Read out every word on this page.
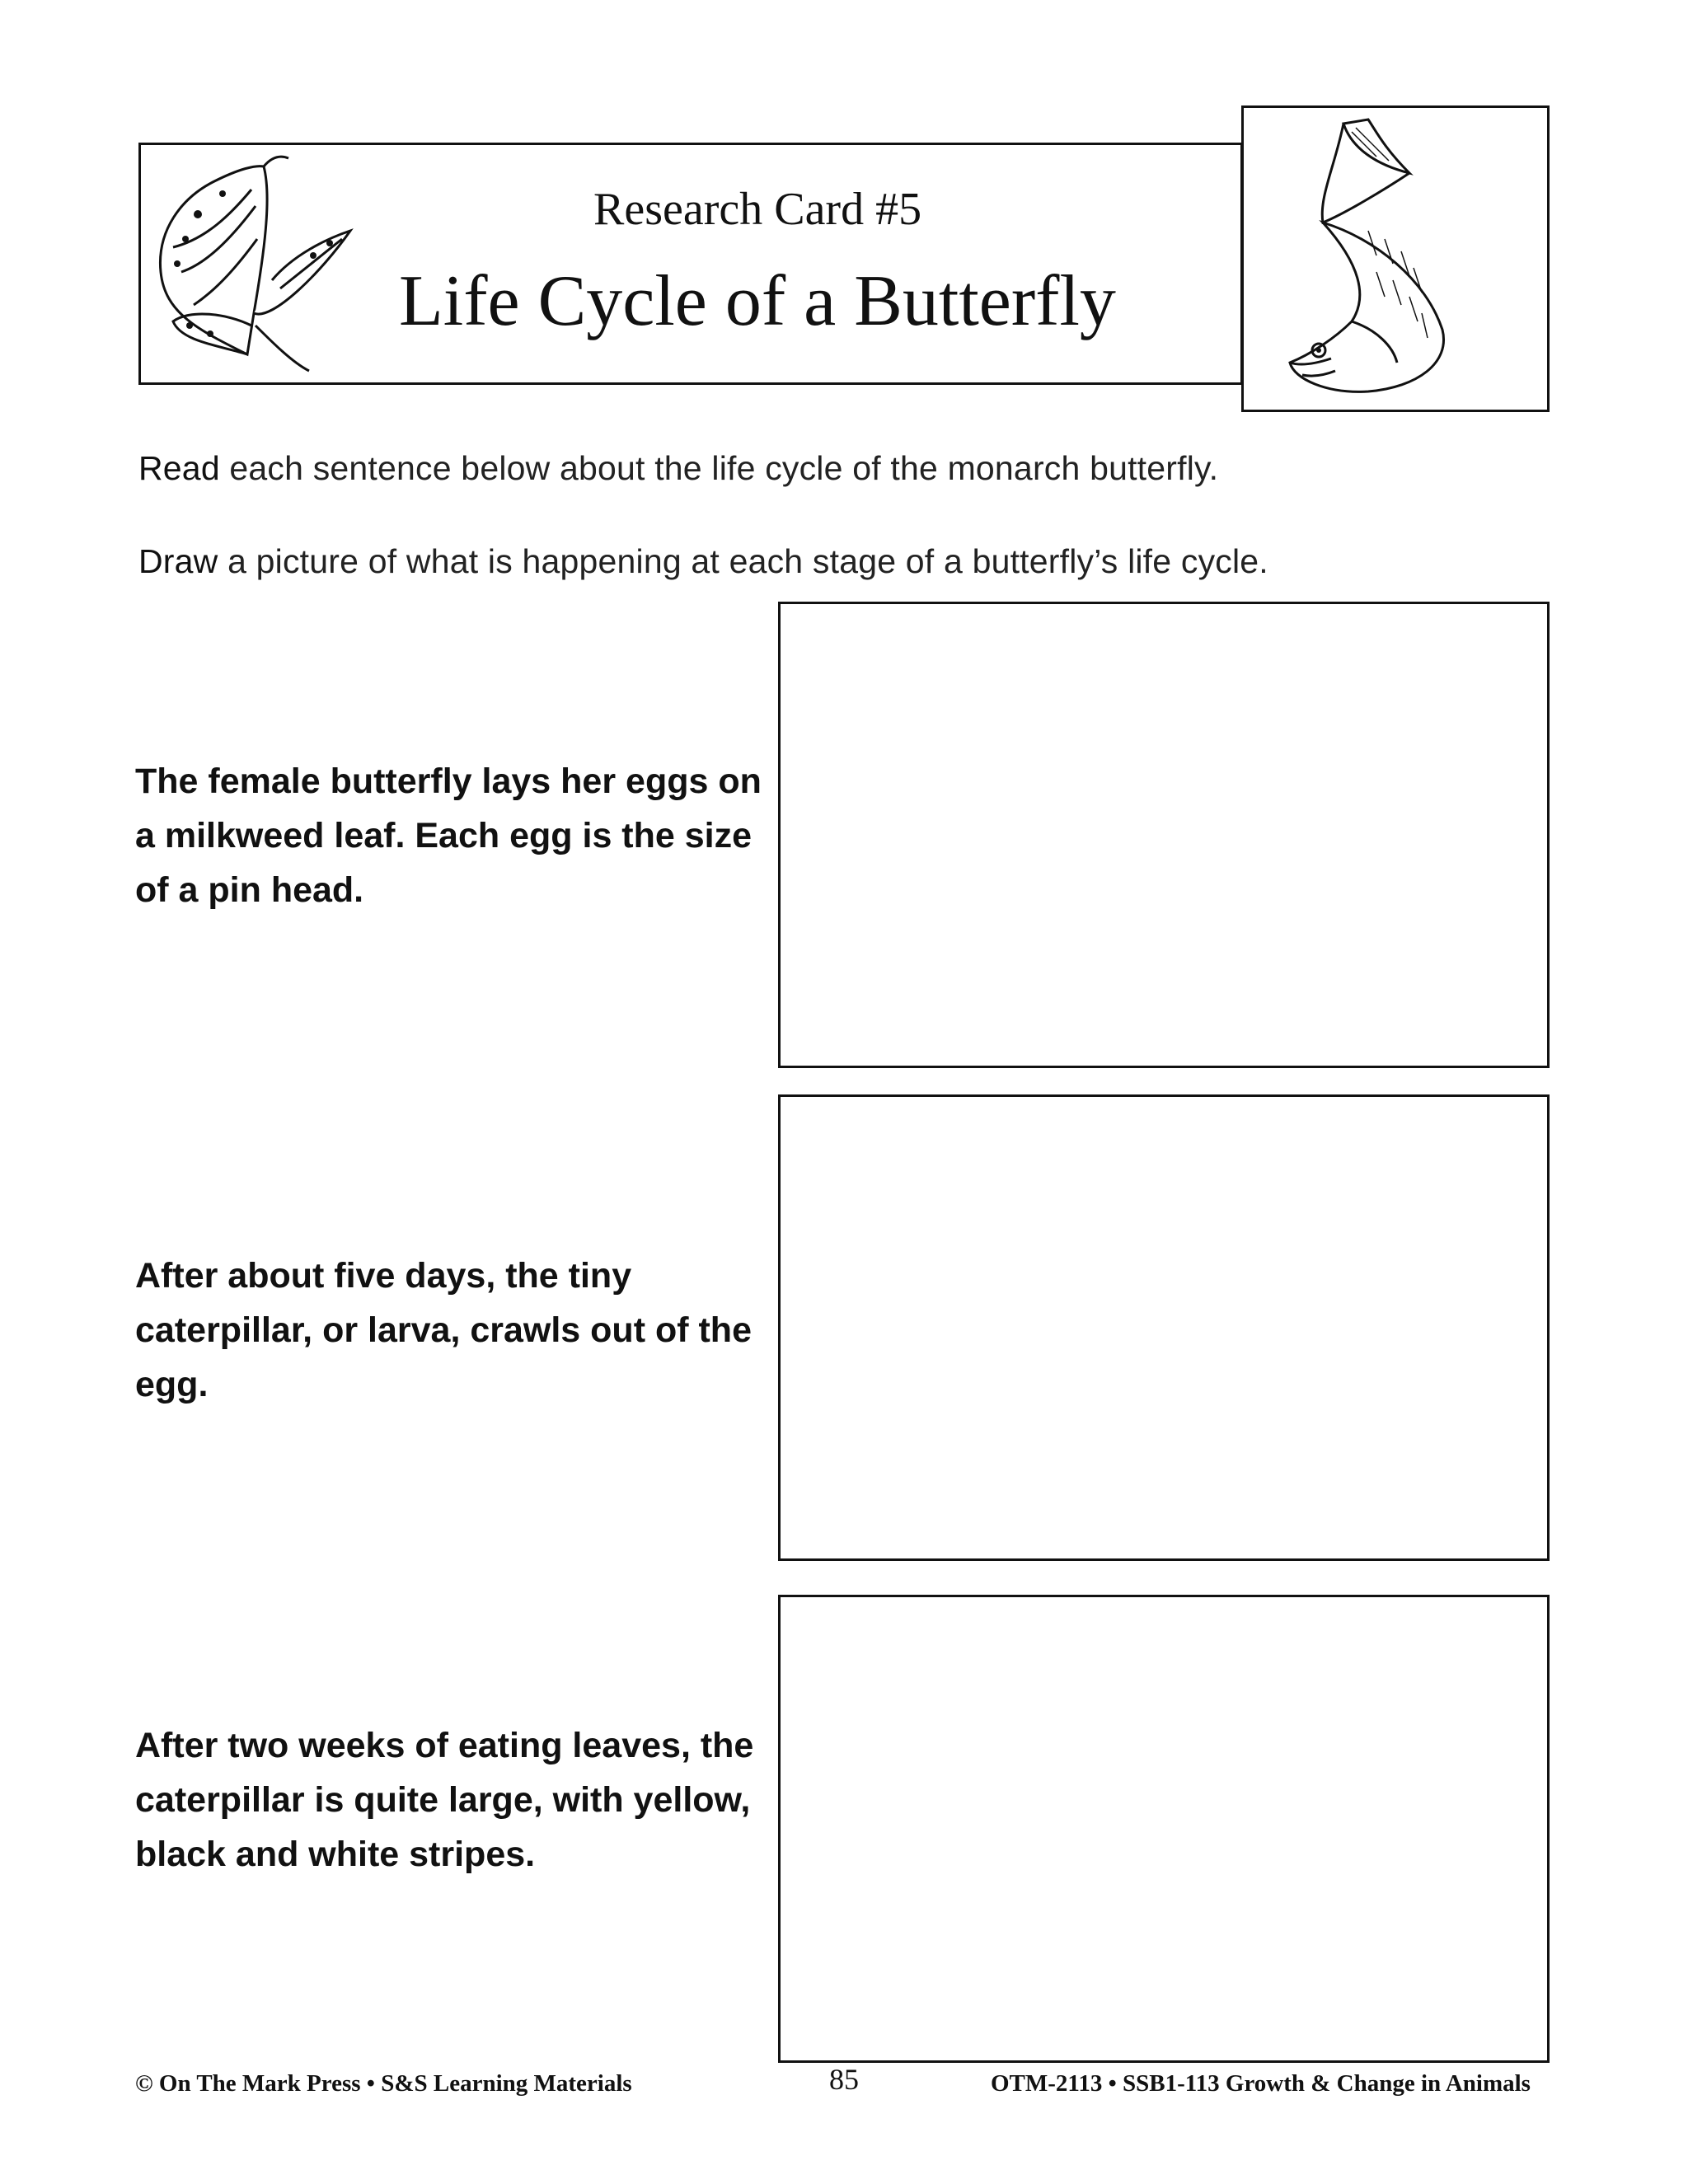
Research Card #5
Life Cycle of a Butterfly
Read each sentence below about the life cycle of the monarch butterfly.
Draw a picture of what is happening at each stage of a butterfly’s life cycle.
The female butterfly lays her eggs on a milkweed leaf. Each egg is the size of a pin head.
After about five days, the tiny caterpillar, or larva, crawls out of the egg.
After two weeks of eating leaves, the caterpillar is quite large, with yellow, black and white stripes.
© On The Mark Press • S&S Learning Materials	85	OTM-2113 • SSB1-113 Growth & Change in Animals
